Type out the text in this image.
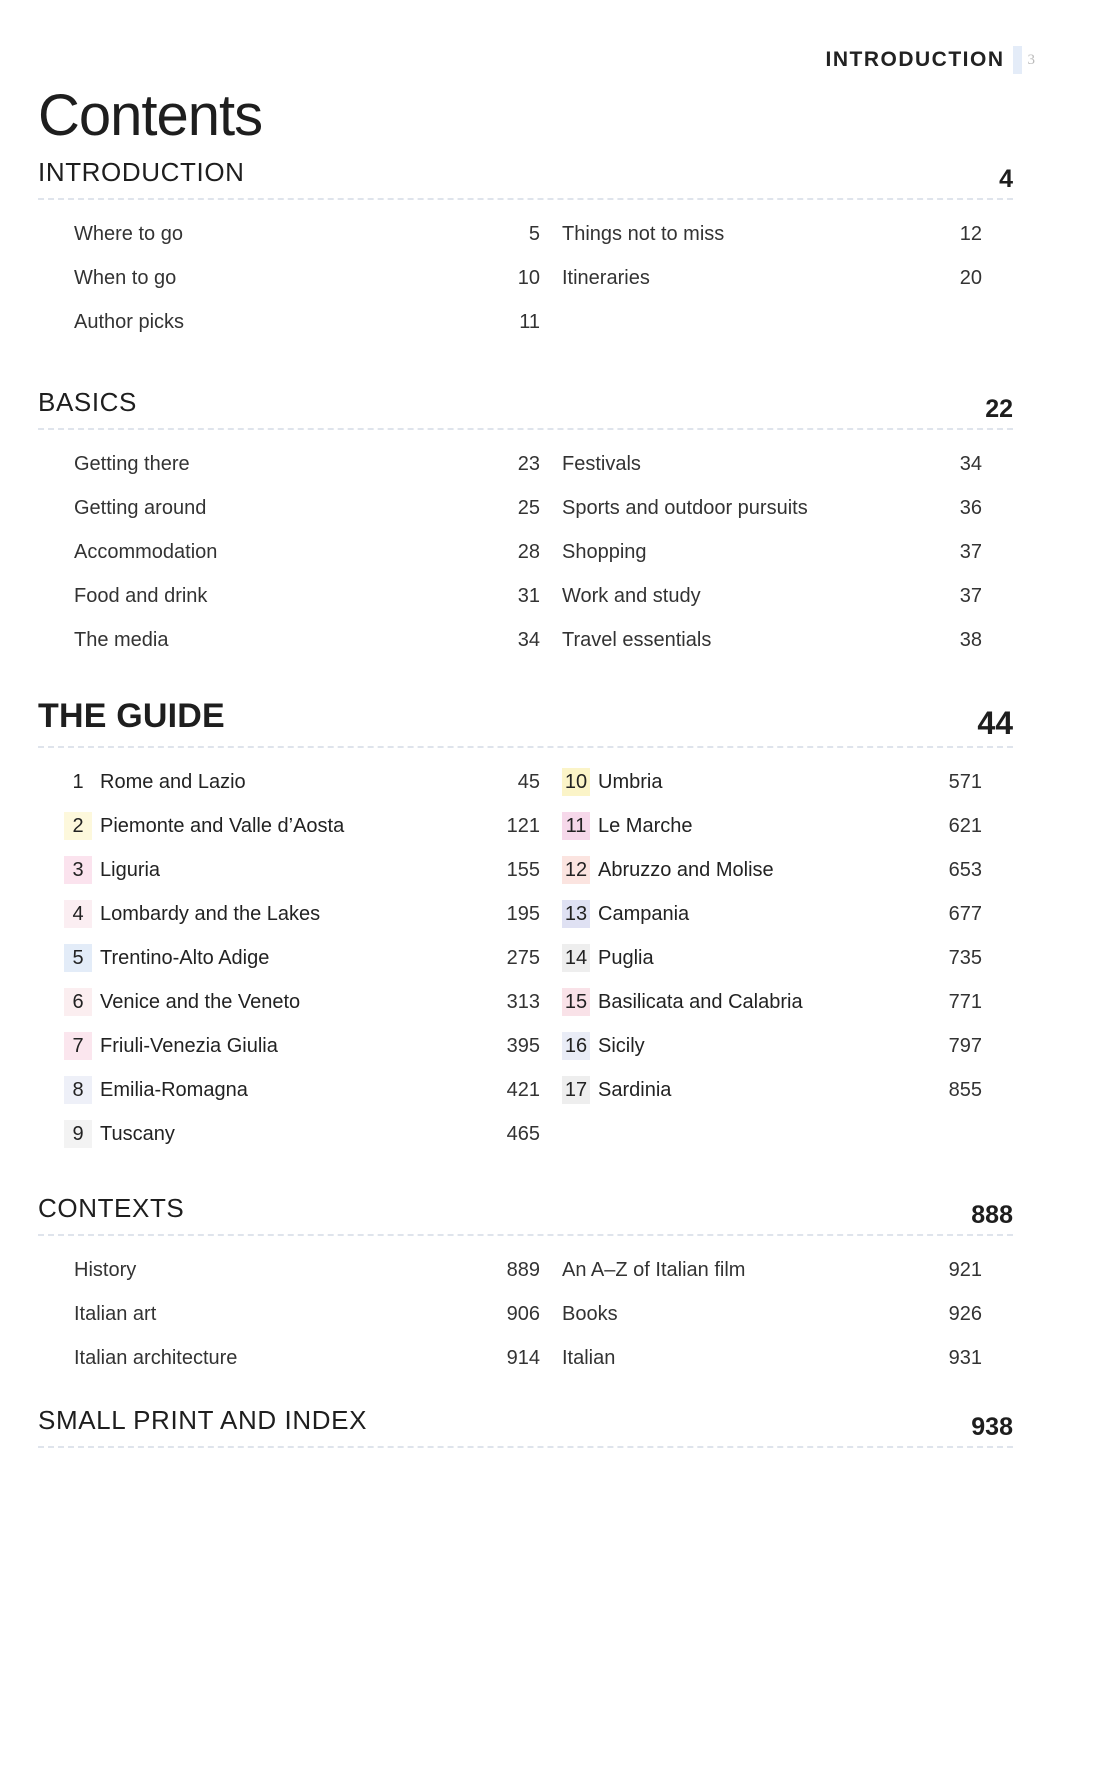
INTRODUCTION 3
Contents
INTRODUCTION	4
Where to go	5
When to go	10
Author picks	11
Things not to miss	12
Itineraries	20
BASICS	22
Getting there	23
Getting around	25
Accommodation	28
Food and drink	31
The media	34
Festivals	34
Sports and outdoor pursuits	36
Shopping	37
Work and study	37
Travel essentials	38
THE GUIDE	44
1 Rome and Lazio	45
2 Piemonte and Valle d’Aosta	121
3 Liguria	155
4 Lombardy and the Lakes	195
5 Trentino-Alto Adige	275
6 Venice and the Veneto	313
7 Friuli-Venezia Giulia	395
8 Emilia-Romagna	421
9 Tuscany	465
10 Umbria	571
11 Le Marche	621
12 Abruzzo and Molise	653
13 Campania	677
14 Puglia	735
15 Basilicata and Calabria	771
16 Sicily	797
17 Sardinia	855
CONTEXTS	888
History	889
Italian art	906
Italian architecture	914
An A–Z of Italian film	921
Books	926
Italian	931
SMALL PRINT AND INDEX	938
